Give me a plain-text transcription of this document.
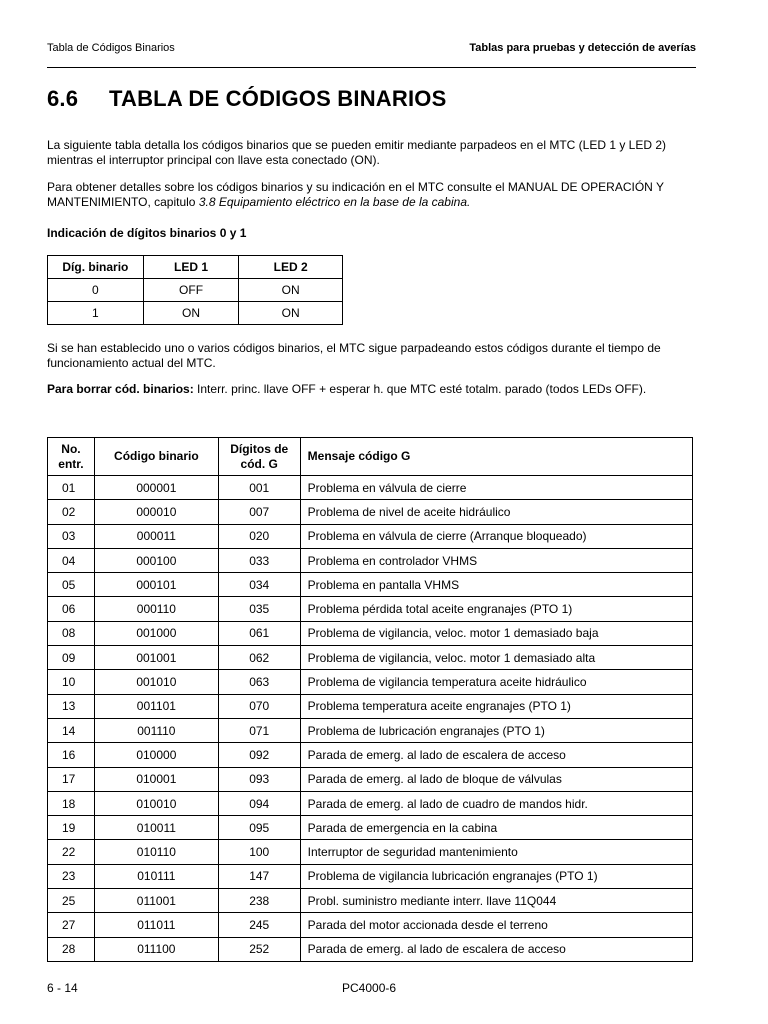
Tabla de Códigos Binarios	Tablas para pruebas y detección de averías
6.6 TABLA DE CÓDIGOS BINARIOS

La siguiente tabla detalla los códigos binarios que se pueden emitir mediante parpadeos en el MTC (LED 1 y LED 2) mientras el interruptor principal con llave esta conectado (ON).

Para obtener detalles sobre los códigos binarios y su indicación en el MTC consulte el MANUAL DE OPERACIÓN Y MANTENIMIENTO, capitulo 3.8 Equipamiento eléctrico en la base de la cabina.

Indicación de dígitos binarios 0 y 1

Díg. binario	LED 1	LED 2
0	OFF	ON
1	ON	ON

Si se han establecido uno o varios códigos binarios, el MTC sigue parpadeando estos códigos durante el tiempo de funcionamiento actual del MTC.

Para borrar cód. binarios: Interr. princ. llave OFF + esperar h. que MTC esté totalm. parado (todos LEDs OFF).

No. entr.	Código binario	Dígitos de cód. G	Mensaje código G
01	000001	001	Problema en válvula de cierre
02	000010	007	Problema de nivel de aceite hidráulico
03	000011	020	Problema en válvula de cierre (Arranque bloqueado)
04	000100	033	Problema en controlador VHMS
05	000101	034	Problema en pantalla VHMS
06	000110	035	Problema pérdida total aceite engranajes (PTO 1)
08	001000	061	Problema de vigilancia, veloc. motor 1 demasiado baja
09	001001	062	Problema de vigilancia, veloc. motor 1 demasiado alta
10	001010	063	Problema de vigilancia temperatura aceite hidráulico
13	001101	070	Problema temperatura aceite engranajes (PTO 1)
14	001110	071	Problema de lubricación engranajes (PTO 1)
16	010000	092	Parada de emerg. al lado de escalera de acceso
17	010001	093	Parada de emerg. al lado de bloque de válvulas
18	010010	094	Parada de emerg. al lado de cuadro de mandos hidr.
19	010011	095	Parada de emergencia en la cabina
22	010110	100	Interruptor de seguridad mantenimiento
23	010111	147	Problema de vigilancia lubricación engranajes (PTO 1)
25	011001	238	Probl. suministro mediante interr. llave 11Q044
27	011011	245	Parada del motor accionada desde el terreno
28	011100	252	Parada de emerg. al lado de escalera de acceso
6 - 14	PC4000-6
